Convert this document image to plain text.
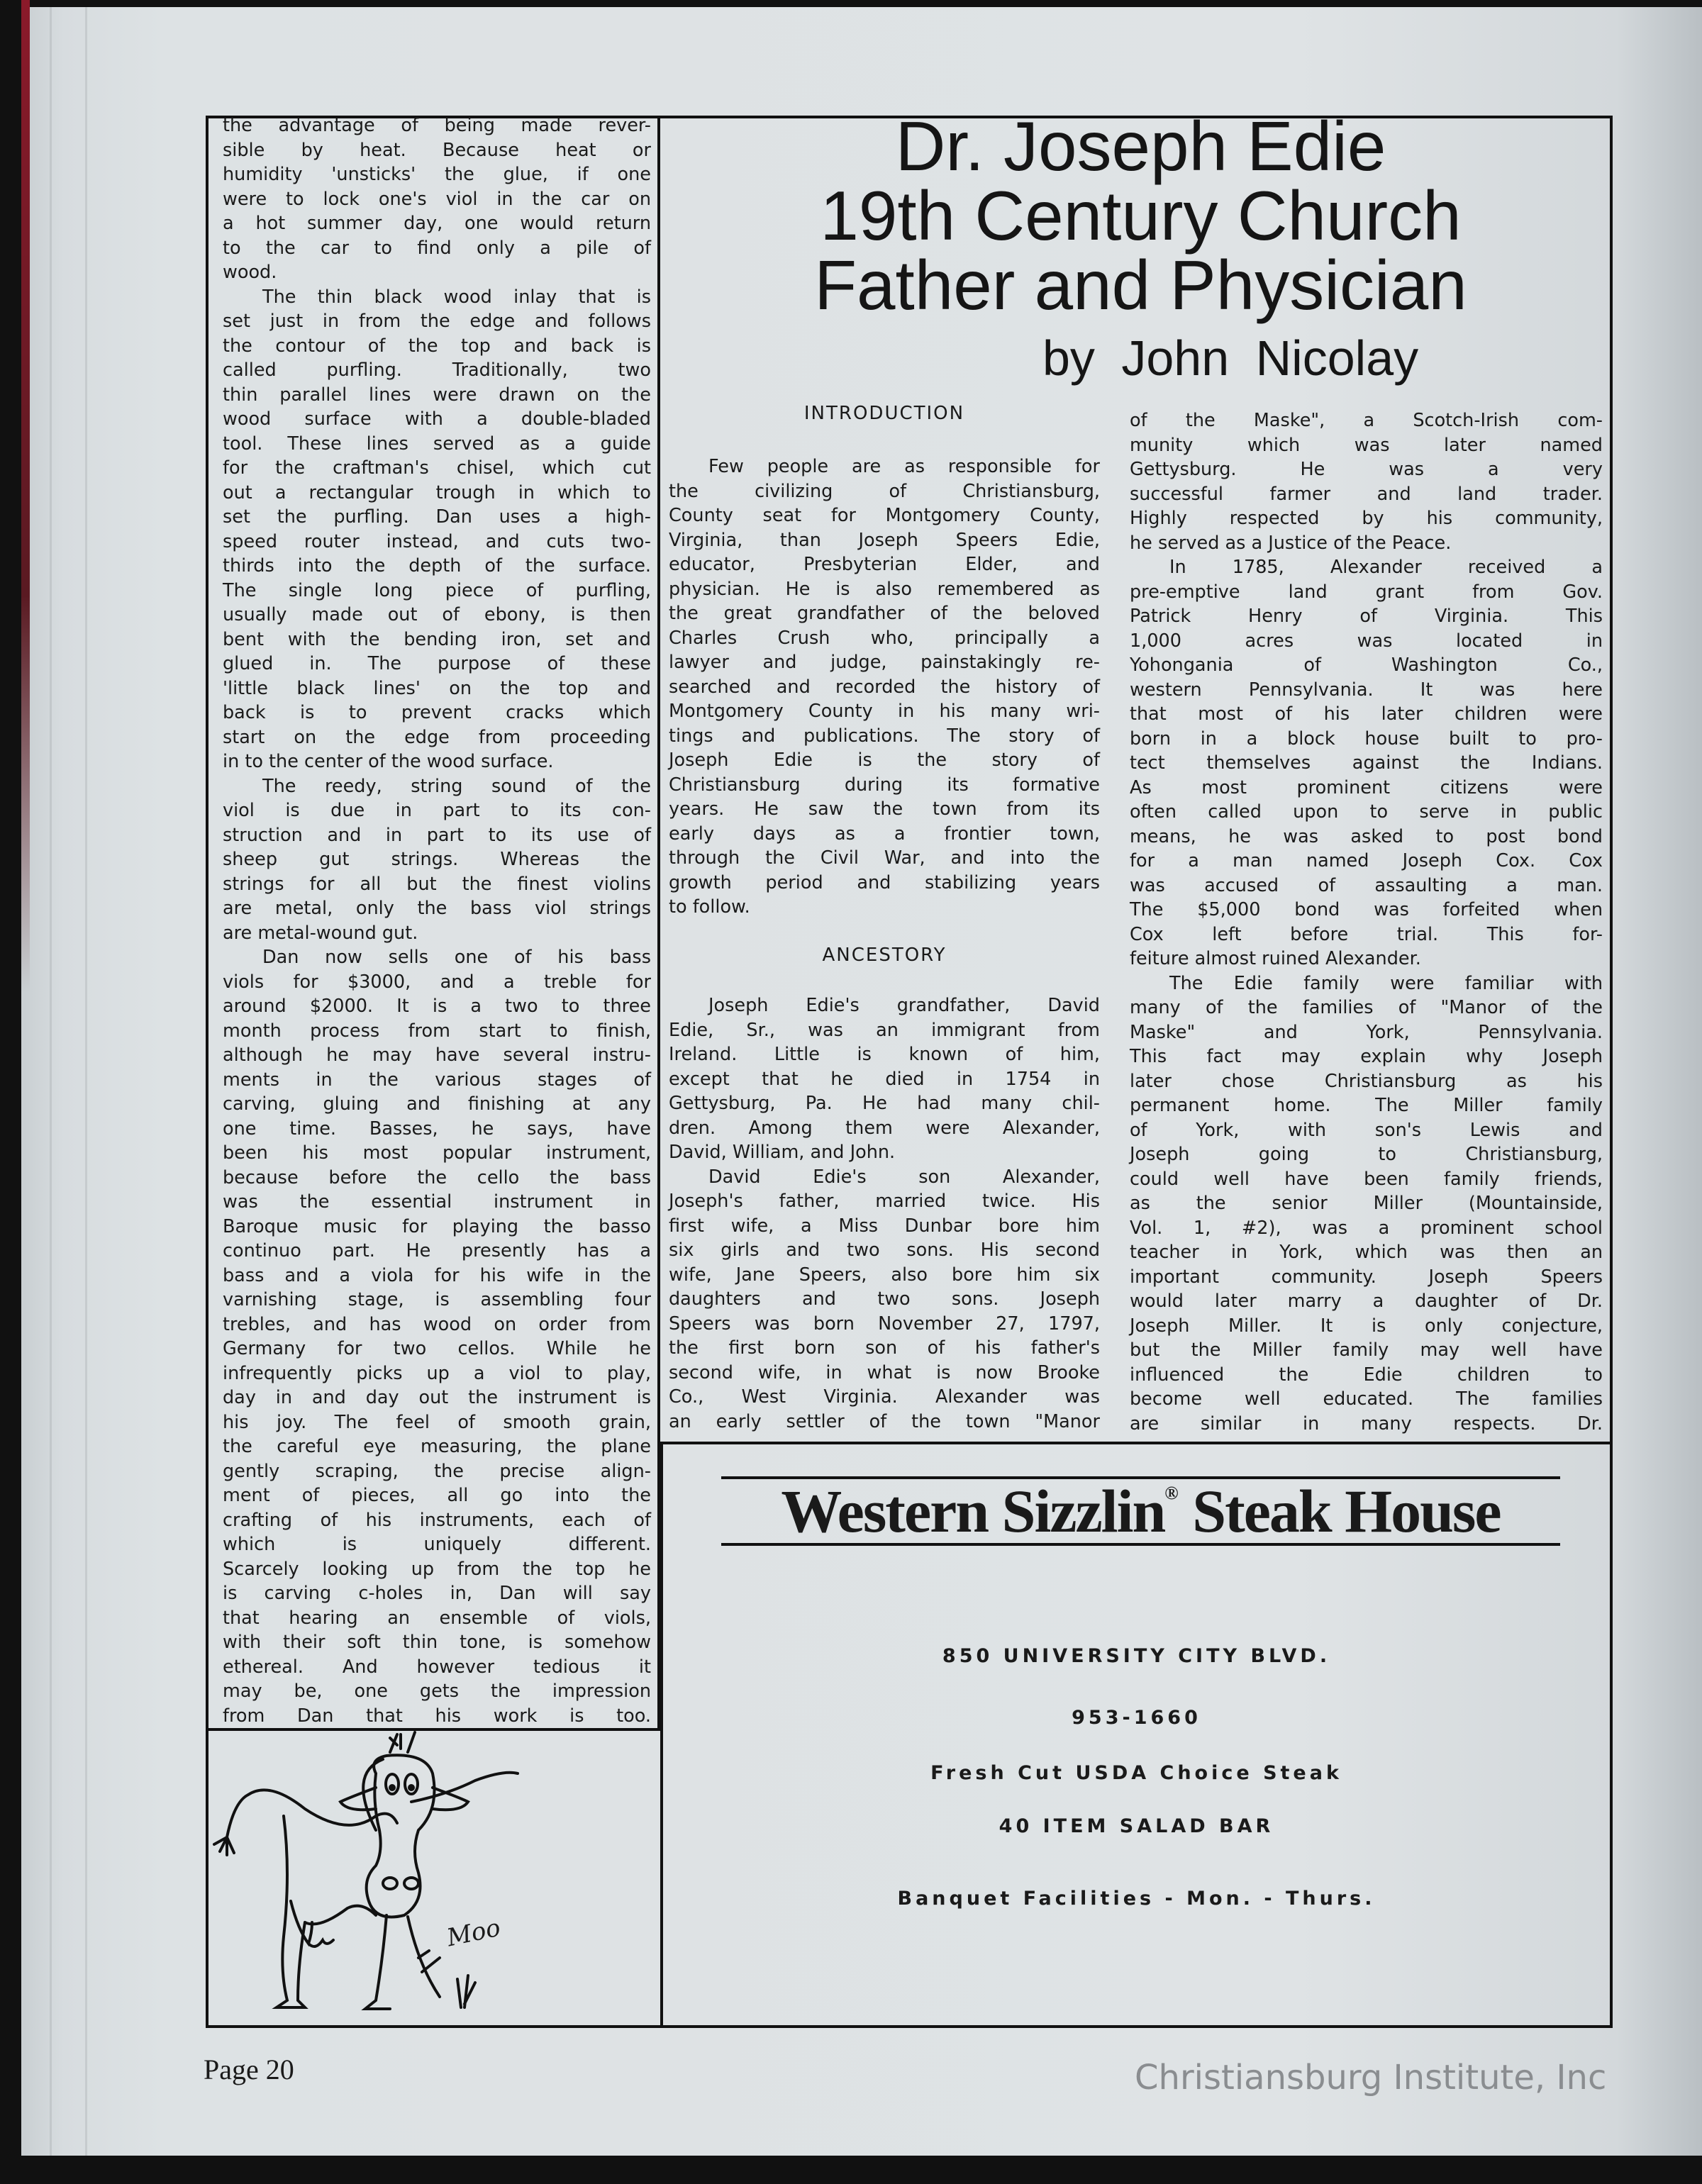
the advantage of being made rever-
sible by heat. Because heat or
humidity 'unsticks' the glue, if one
were to lock one's viol in the car on
a hot summer day, one would return
to the car to find only a pile of
wood.
The thin black wood inlay that is
set just in from the edge and follows
the contour of the top and back is
called purfling. Traditionally, two
thin parallel lines were drawn on the
wood surface with a double-bladed
tool. These lines served as a guide
for the craftman's chisel, which cut
out a rectangular trough in which to
set the purfling. Dan uses a high-
speed router instead, and cuts two-
thirds into the depth of the surface.
The single long piece of purfling,
usually made out of ebony, is then
bent with the bending iron, set and
glued in. The purpose of these
'little black lines' on the top and
back is to prevent cracks which
start on the edge from proceeding
in to the center of the wood surface.
The reedy, string sound of the
viol is due in part to its con-
struction and in part to its use of
sheep gut strings. Whereas the
strings for all but the finest violins
are metal, only the bass viol strings
are metal-wound gut.
Dan now sells one of his bass
viols for $3000, and a treble for
around $2000. It is a two to three
month process from start to finish,
although he may have several instru-
ments in the various stages of
carving, gluing and finishing at any
one time. Basses, he says, have
been his most popular instrument,
because before the cello the bass
was the essential instrument in
Baroque music for playing the basso
continuo part. He presently has a
bass and a viola for his wife in the
varnishing stage, is assembling four
trebles, and has wood on order from
Germany for two cellos. While he
infrequently picks up a viol to play,
day in and day out the instrument is
his joy. The feel of smooth grain,
the careful eye measuring, the plane
gently scraping, the precise align-
ment of pieces, all go into the
crafting of his instruments, each of
which is uniquely different.
Scarcely looking up from the top he
is carving c-holes in, Dan will say
that hearing an ensemble of viols,
with their soft thin tone, is somehow
ethereal. And however tedious it
may be, one gets the impression
from Dan that his work is too.
Dr. Joseph Edie
19th Century Church
Father and Physician
by John Nicolay
INTRODUCTION
Few people are as responsible for
the civilizing of Christiansburg,
County seat for Montgomery County,
Virginia, than Joseph Speers Edie,
educator, Presbyterian Elder, and
physician. He is also remembered as
the great grandfather of the beloved
Charles Crush who, principally a
lawyer and judge, painstakingly re-
searched and recorded the history of
Montgomery County in his many wri-
tings and publications. The story of
Joseph Edie is the story of
Christiansburg during its formative
years. He saw the town from its
early days as a frontier town,
through the Civil War, and into the
growth period and stabilizing years
to follow.
ANCESTORY
Joseph Edie's grandfather, David
Edie, Sr., was an immigrant from
Ireland. Little is known of him,
except that he died in 1754 in
Gettysburg, Pa. He had many chil-
dren. Among them were Alexander,
David, William, and John.
David Edie's son Alexander,
Joseph's father, married twice. His
first wife, a Miss Dunbar bore him
six girls and two sons. His second
wife, Jane Speers, also bore him six
daughters and two sons. Joseph
Speers was born November 27, 1797,
the first born son of his father's
second wife, in what is now Brooke
Co., West Virginia. Alexander was
an early settler of the town "Manor
of the Maske", a Scotch-Irish com-
munity which was later named
Gettysburg. He was a very
successful farmer and land trader.
Highly respected by his community,
he served as a Justice of the Peace.
In 1785, Alexander received a
pre-emptive land grant from Gov.
Patrick Henry of Virginia. This
1,000 acres was located in
Yohongania of Washington Co.,
western Pennsylvania. It was here
that most of his later children were
born in a block house built to pro-
tect themselves against the Indians.
As most prominent citizens were
often called upon to serve in public
means, he was asked to post bond
for a man named Joseph Cox. Cox
was accused of assaulting a man.
The $5,000 bond was forfeited when
Cox left before trial. This for-
feiture almost ruined Alexander.
The Edie family were familiar with
many of the families of "Manor of the
Maske" and York, Pennsylvania.
This fact may explain why Joseph
later chose Christiansburg as his
permanent home. The Miller family
of York, with son's Lewis and
Joseph going to Christiansburg,
could well have been family friends,
as the senior Miller (Mountainside,
Vol. 1, #2), was a prominent school
teacher in York, which was then an
important community. Joseph Speers
would later marry a daughter of Dr.
Joseph Miller. It is only conjecture,
but the Miller family may well have
influenced the Edie children to
become well educated. The families
are similar in many respects. Dr.
Western Sizzlin® Steak House
850 UNIVERSITY CITY BLVD.
953-1660
Fresh Cut USDA Choice Steak
40 ITEM SALAD BAR
Banquet Facilities - Mon. - Thurs.
Moo
Page 20	Christiansburg Institute, Inc
